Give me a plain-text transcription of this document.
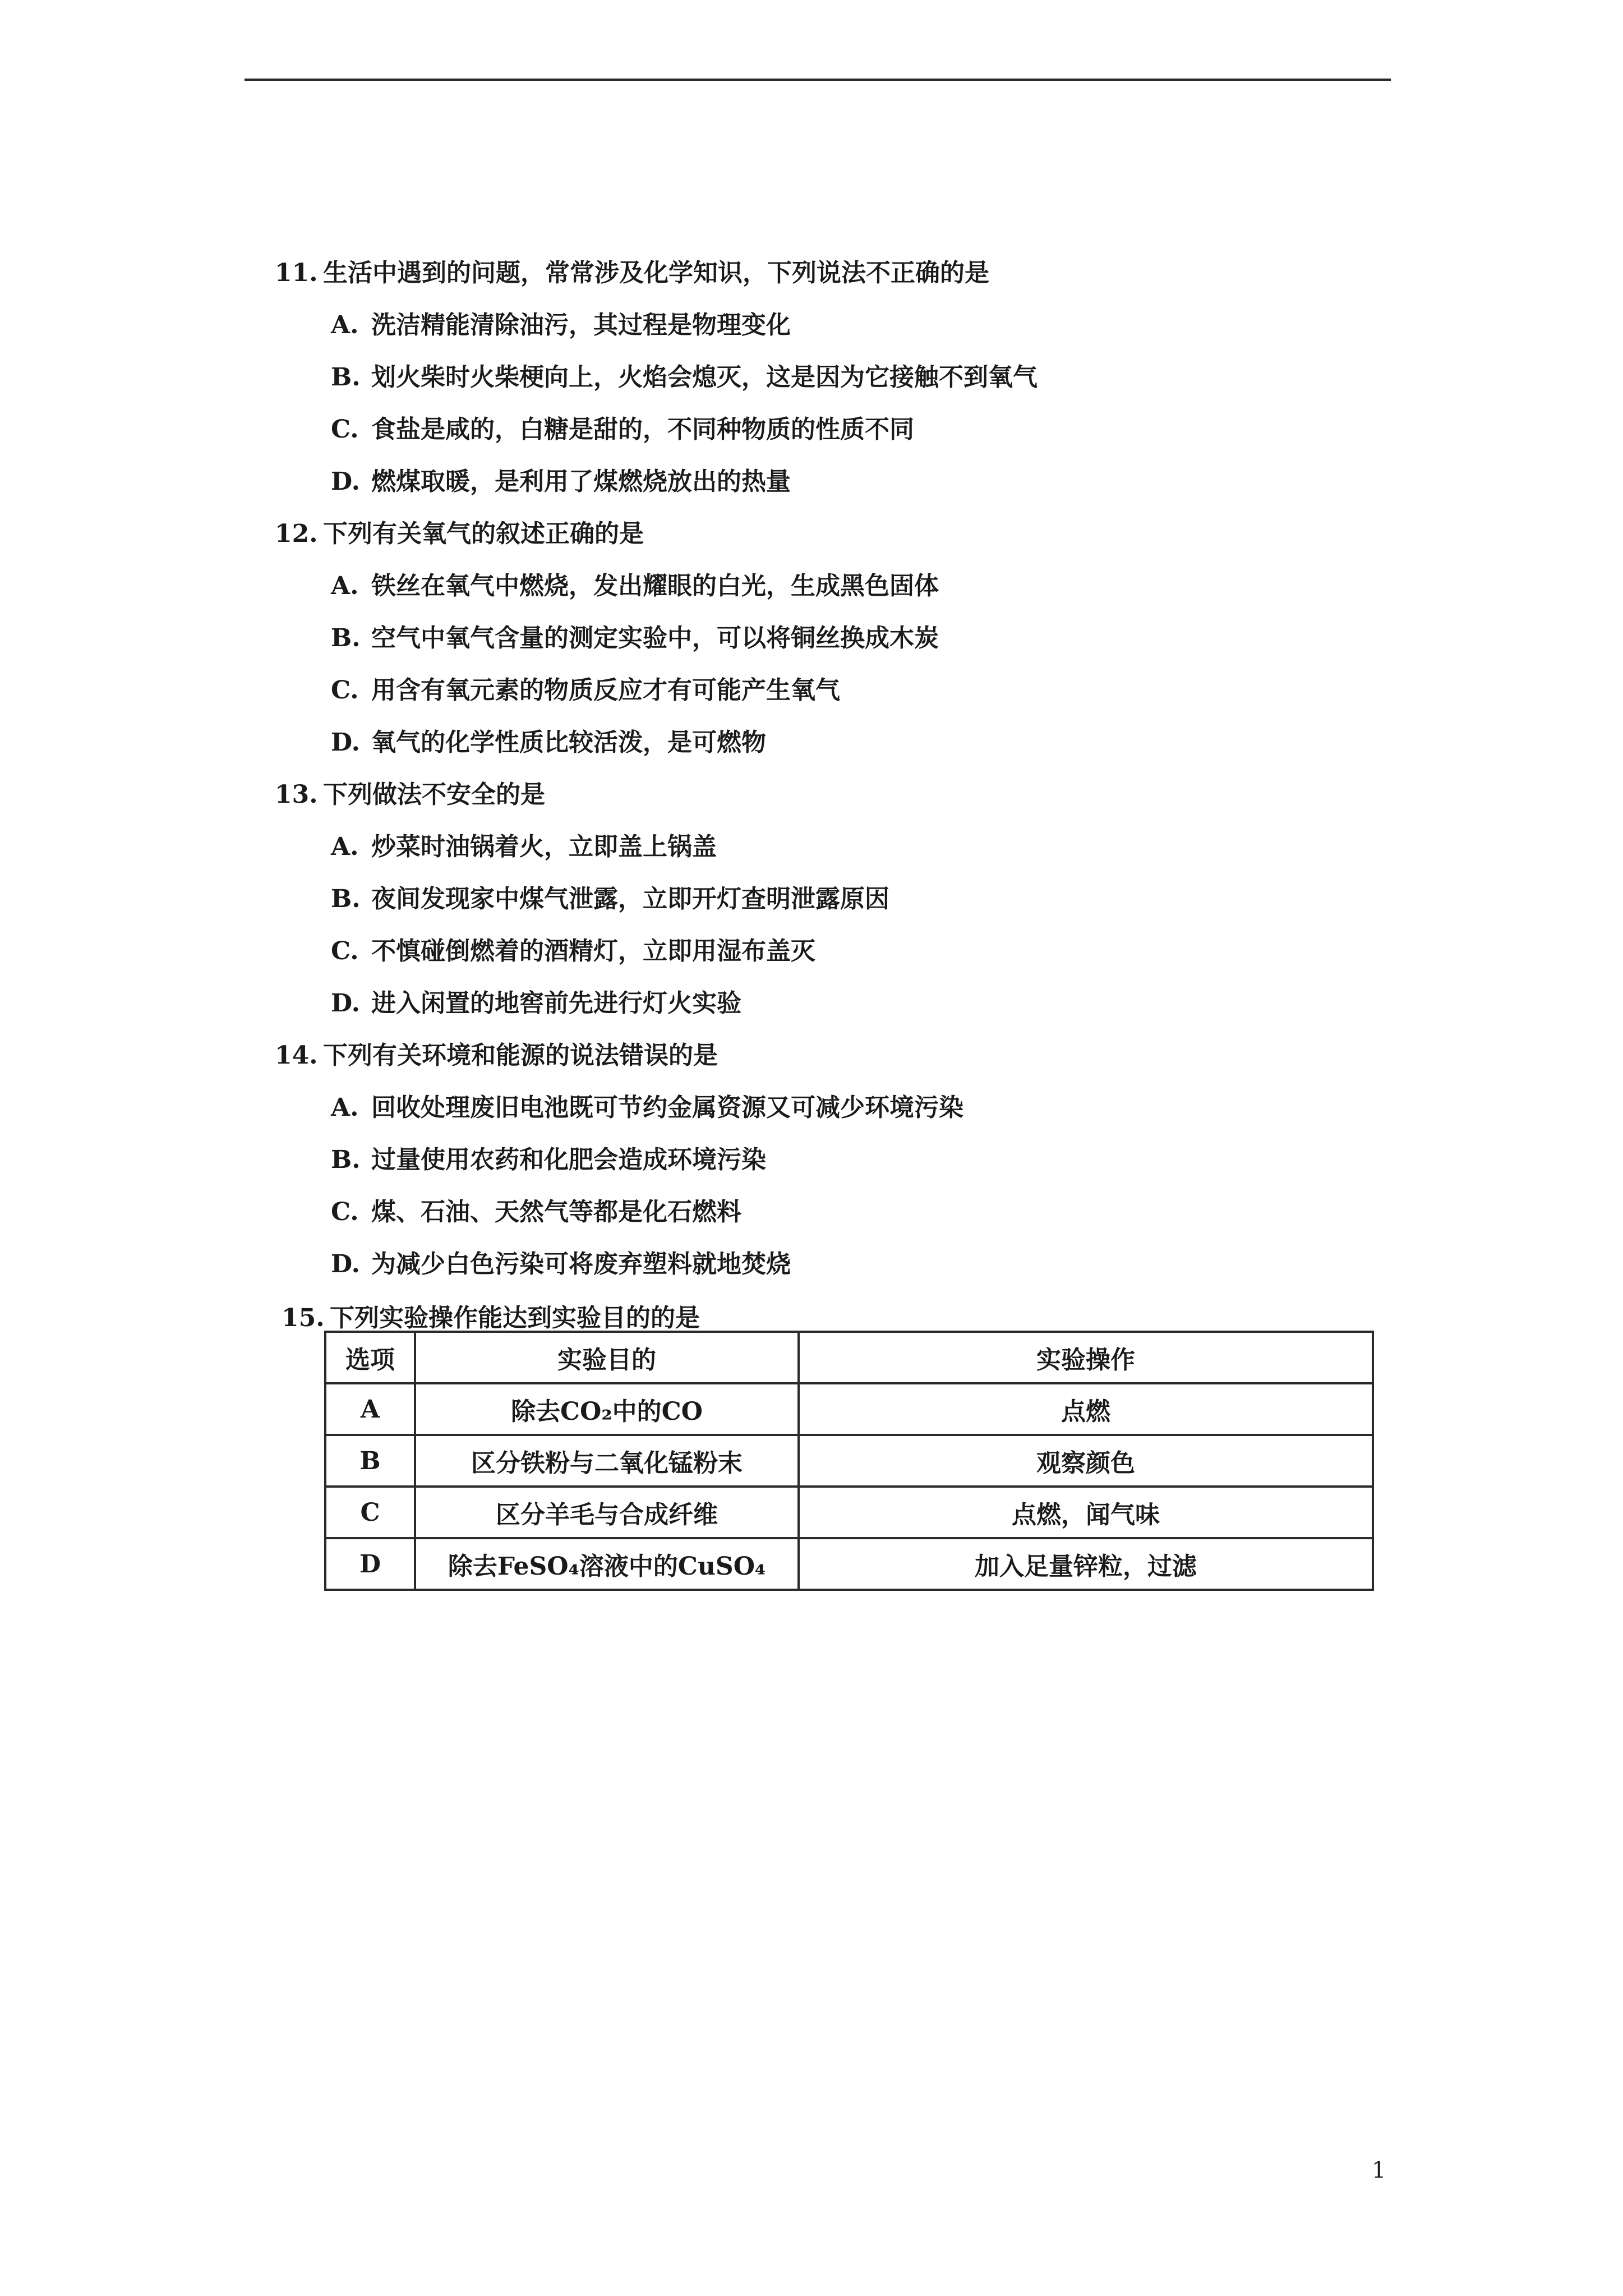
11. 生活中遇到的问题，常常涉及化学知识，下列说法不正确的是
A. 洗洁精能清除油污，其过程是物理变化
B. 划火柴时火柴梗向上，火焰会熄灭，这是因为它接触不到氧气
C. 食盐是咸的，白糖是甜的，不同种物质的性质不同
D. 燃煤取暖，是利用了煤燃烧放出的热量
12. 下列有关氧气的叙述正确的是
A. 铁丝在氧气中燃烧，发出耀眼的白光，生成黑色固体
B. 空气中氧气含量的测定实验中，可以将铜丝换成木炭
C. 用含有氧元素的物质反应才有可能产生氧气
D. 氧气的化学性质比较活泼，是可燃物
13. 下列做法不安全的是
A. 炒菜时油锅着火，立即盖上锅盖
B. 夜间发现家中煤气泄露，立即开灯查明泄露原因
C. 不慎碰倒燃着的酒精灯，立即用湿布盖灭
D. 进入闲置的地窖前先进行灯火实验
14. 下列有关环境和能源的说法错误的是
A. 回收处理废旧电池既可节约金属资源又可减少环境污染
B. 过量使用农药和化肥会造成环境污染
C. 煤、石油、天然气等都是化石燃料
D. 为减少白色污染可将废弃塑料就地焚烧
15. 下列实验操作能达到实验目的的是
选项	实验目的	实验操作
A	除去CO₂中的CO	点燃
B	区分铁粉与二氧化锰粉末	观察颜色
C	区分羊毛与合成纤维	点燃，闻气味
D	除去FeSO₄溶液中的CuSO₄	加入足量锌粒，过滤
1
